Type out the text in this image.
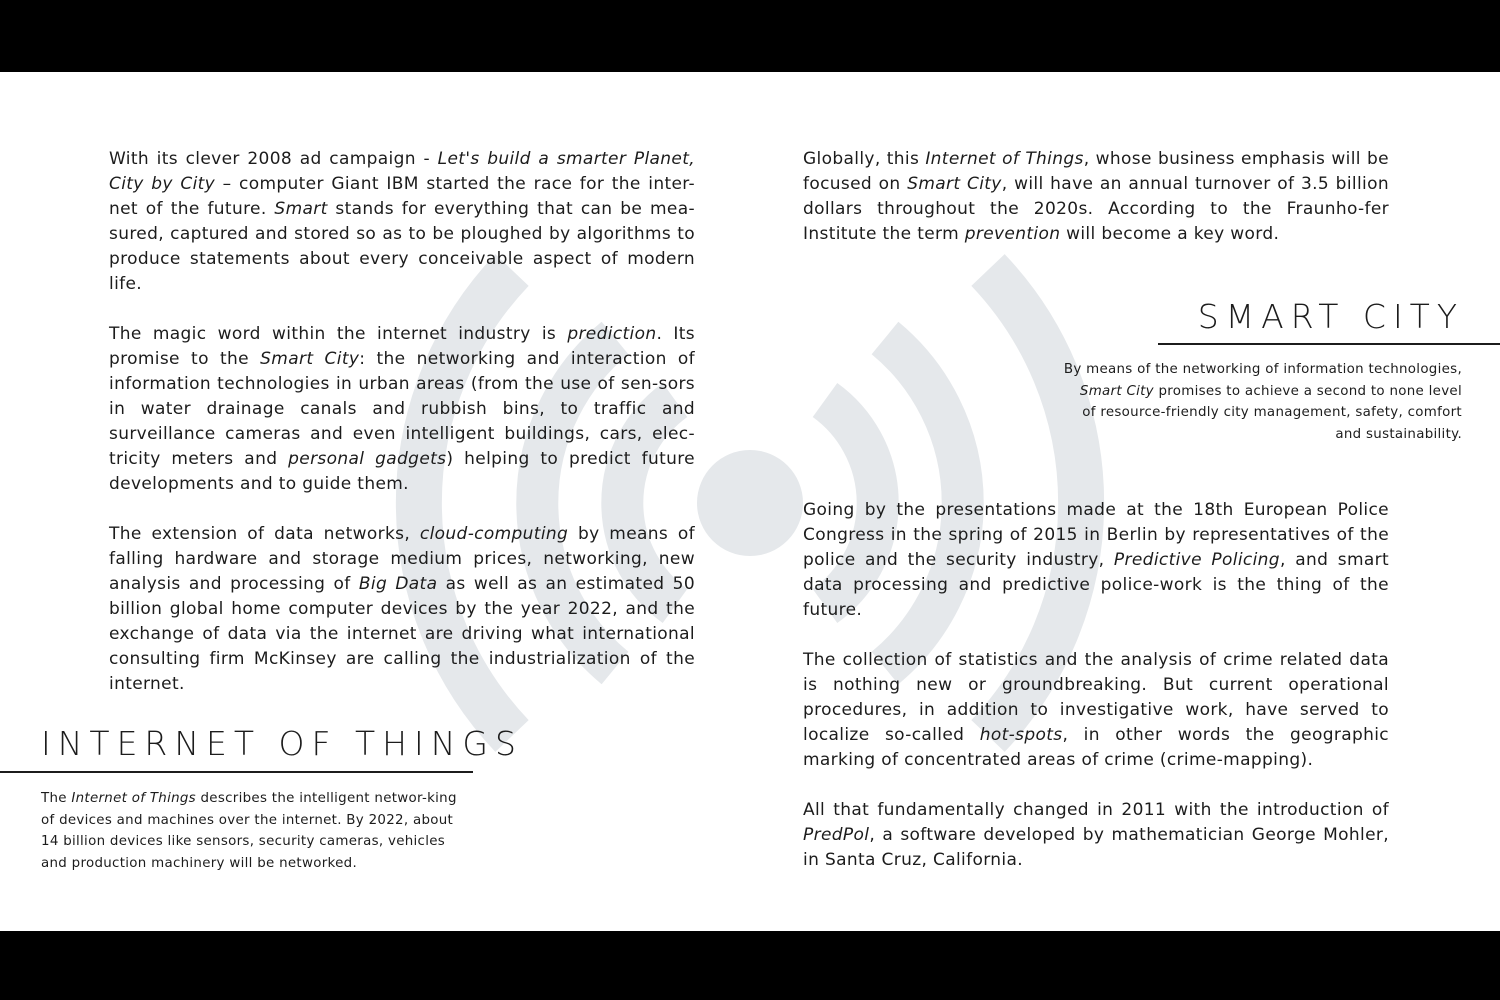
With its clever 2008 ad campaign - Let's build a smarter Planet, City by City – computer Giant IBM started the race for the inter-net of the future. Smart stands for everything that can be mea-sured, captured and stored so as to be ploughed by algorithms to produce statements about every conceivable aspect of modern life.

The magic word within the internet industry is prediction. Its promise to the Smart City: the networking and interaction of information technologies in urban areas (from the use of sen-sors in water drainage canals and rubbish bins, to traffic and surveillance cameras and even intelligent buildings, cars, elec-tricity meters and personal gadgets) helping to predict future developments and to guide them.

The extension of data networks, cloud-computing by means of falling hardware and storage medium prices, networking, new analysis and processing of Big Data as well as an estimated 50 billion global home computer devices by the year 2022, and the exchange of data via the internet are driving what international consulting firm McKinsey are calling the industrialization of the internet.

INTERNET OF THINGS
The Internet of Things describes the intelligent networ-king of devices and machines over the internet. By 2022, about 14 billion devices like sensors, security cameras, vehicles and production machinery will be networked.

Globally, this Internet of Things, whose business emphasis will be focused on Smart City, will have an annual turnover of 3.5 billion dollars throughout the 2020s. According to the Fraunho-fer Institute the term prevention will become a key word.

SMART CITY
By means of the networking of information technologies, Smart City promises to achieve a second to none level of resource-friendly city management, safety, comfort and sustainability.

Going by the presentations made at the 18th European Police Congress in the spring of 2015 in Berlin by representatives of the police and the security industry, Predictive Policing, and smart data processing and predictive police-work is the thing of the future.

The collection of statistics and the analysis of crime related data is nothing new or groundbreaking. But current operational procedures, in addition to investigative work, have served to localize so-called hot-spots, in other words the geographic marking of concentrated areas of crime (crime-mapping).

All that fundamentally changed in 2011 with the introduction of PredPol, a software developed by mathematician George Mohler, in Santa Cruz, California.
